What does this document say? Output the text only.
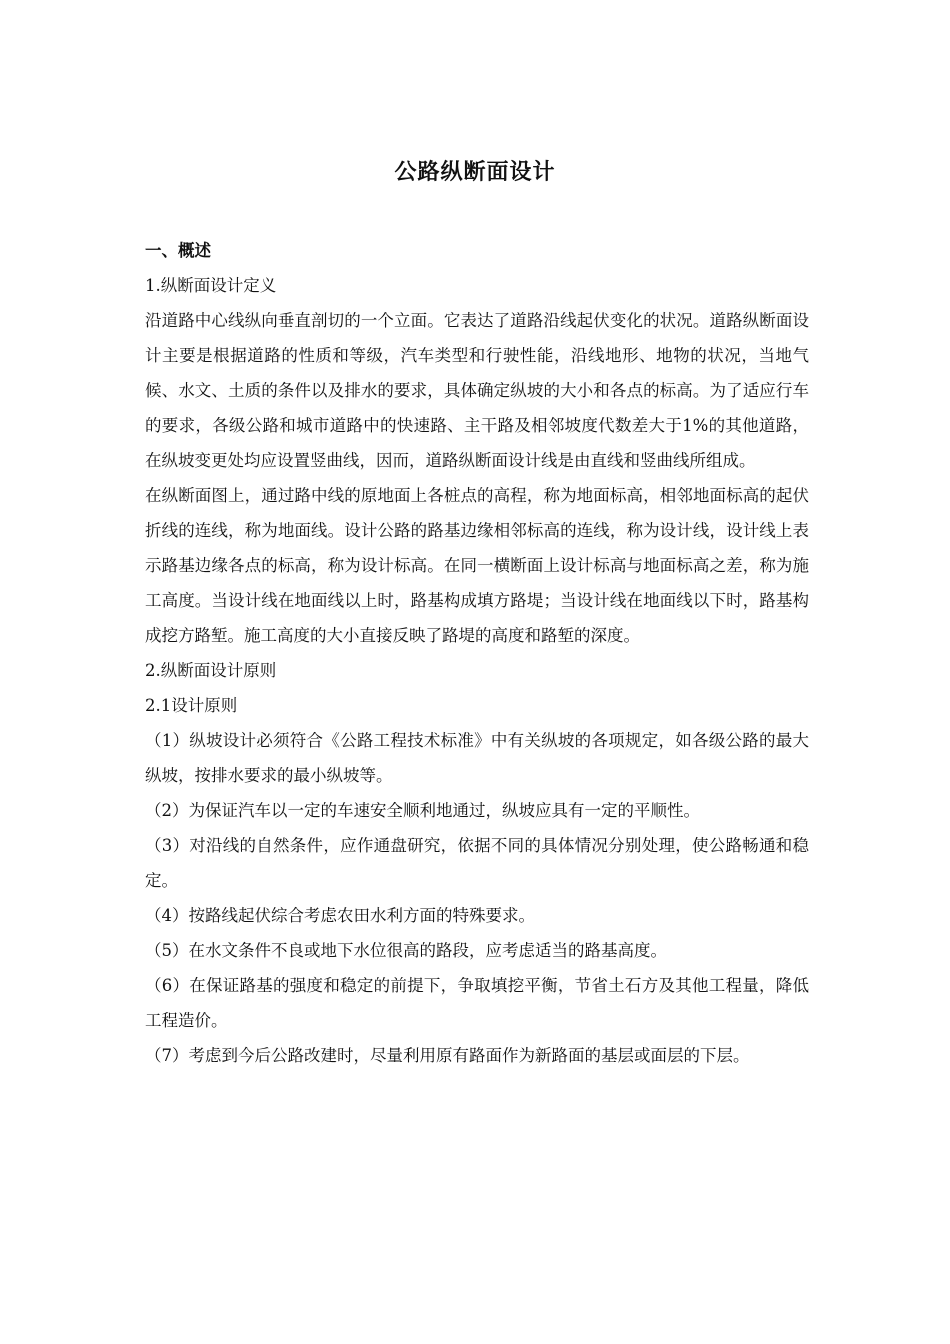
公路纵断面设计

一、概述

1.纵断面设计定义

沿道路中心线纵向垂直剖切的一个立面。它表达了道路沿线起伏变化的状况。道路纵断面设计主要是根据道路的性质和等级，汽车类型和行驶性能，沿线地形、地物的状况，当地气候、水文、土质的条件以及排水的要求，具体确定纵坡的大小和各点的标高。为了适应行车的要求，各级公路和城市道路中的快速路、主干路及相邻坡度代数差大于1%的其他道路，在纵坡变更处均应设置竖曲线，因而，道路纵断面设计线是由直线和竖曲线所组成。

在纵断面图上，通过路中线的原地面上各桩点的高程，称为地面标高，相邻地面标高的起伏折线的连线，称为地面线。设计公路的路基边缘相邻标高的连线，称为设计线，设计线上表示路基边缘各点的标高，称为设计标高。在同一横断面上设计标高与地面标高之差，称为施工高度。当设计线在地面线以上时，路基构成填方路堤；当设计线在地面线以下时，路基构成挖方路堑。施工高度的大小直接反映了路堤的高度和路堑的深度。

2.纵断面设计原则

2.1设计原则

（1）纵坡设计必须符合《公路工程技术标准》中有关纵坡的各项规定，如各级公路的最大纵坡，按排水要求的最小纵坡等。

（2）为保证汽车以一定的车速安全顺利地通过，纵坡应具有一定的平顺性。

（3）对沿线的自然条件，应作通盘研究，依据不同的具体情况分别处理，使公路畅通和稳定。

（4）按路线起伏综合考虑农田水利方面的特殊要求。

（5）在水文条件不良或地下水位很高的路段，应考虑适当的路基高度。

（6）在保证路基的强度和稳定的前提下，争取填挖平衡，节省土石方及其他工程量，降低工程造价。

（7）考虑到今后公路改建时，尽量利用原有路面作为新路面的基层或面层的下层。
